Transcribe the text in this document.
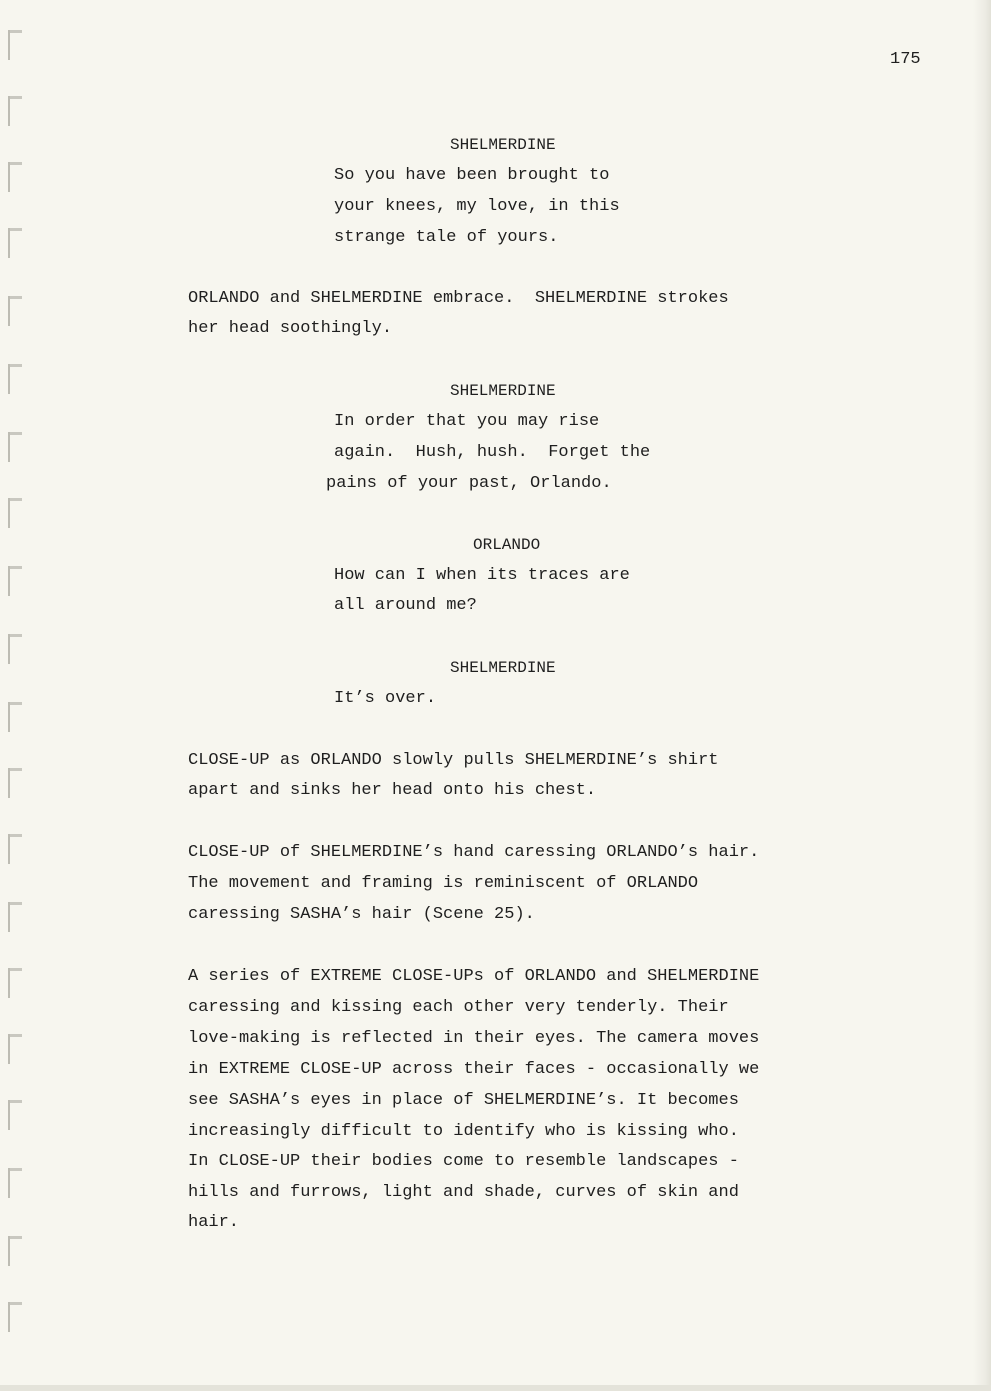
175
SHELMERDINE
So you have been brought to
your knees, my love, in this
strange tale of yours.
ORLANDO and SHELMERDINE embrace.  SHELMERDINE strokes
her head soothingly.
SHELMERDINE
In order that you may rise
again.  Hush, hush.  Forget the
pains of your past, Orlando.
ORLANDO
How can I when its traces are
all around me?
SHELMERDINE
It’s over.
CLOSE-UP as ORLANDO slowly pulls SHELMERDINE’s shirt
apart and sinks her head onto his chest.
CLOSE-UP of SHELMERDINE’s hand caressing ORLANDO’s hair.
The movement and framing is reminiscent of ORLANDO
caressing SASHA’s hair (Scene 25).
A series of EXTREME CLOSE-UPs of ORLANDO and SHELMERDINE
caressing and kissing each other very tenderly. Their
love-making is reflected in their eyes. The camera moves
in EXTREME CLOSE-UP across their faces - occasionally we
see SASHA’s eyes in place of SHELMERDINE’s. It becomes
increasingly difficult to identify who is kissing who.
In CLOSE-UP their bodies come to resemble landscapes -
hills and furrows, light and shade, curves of skin and
hair.
